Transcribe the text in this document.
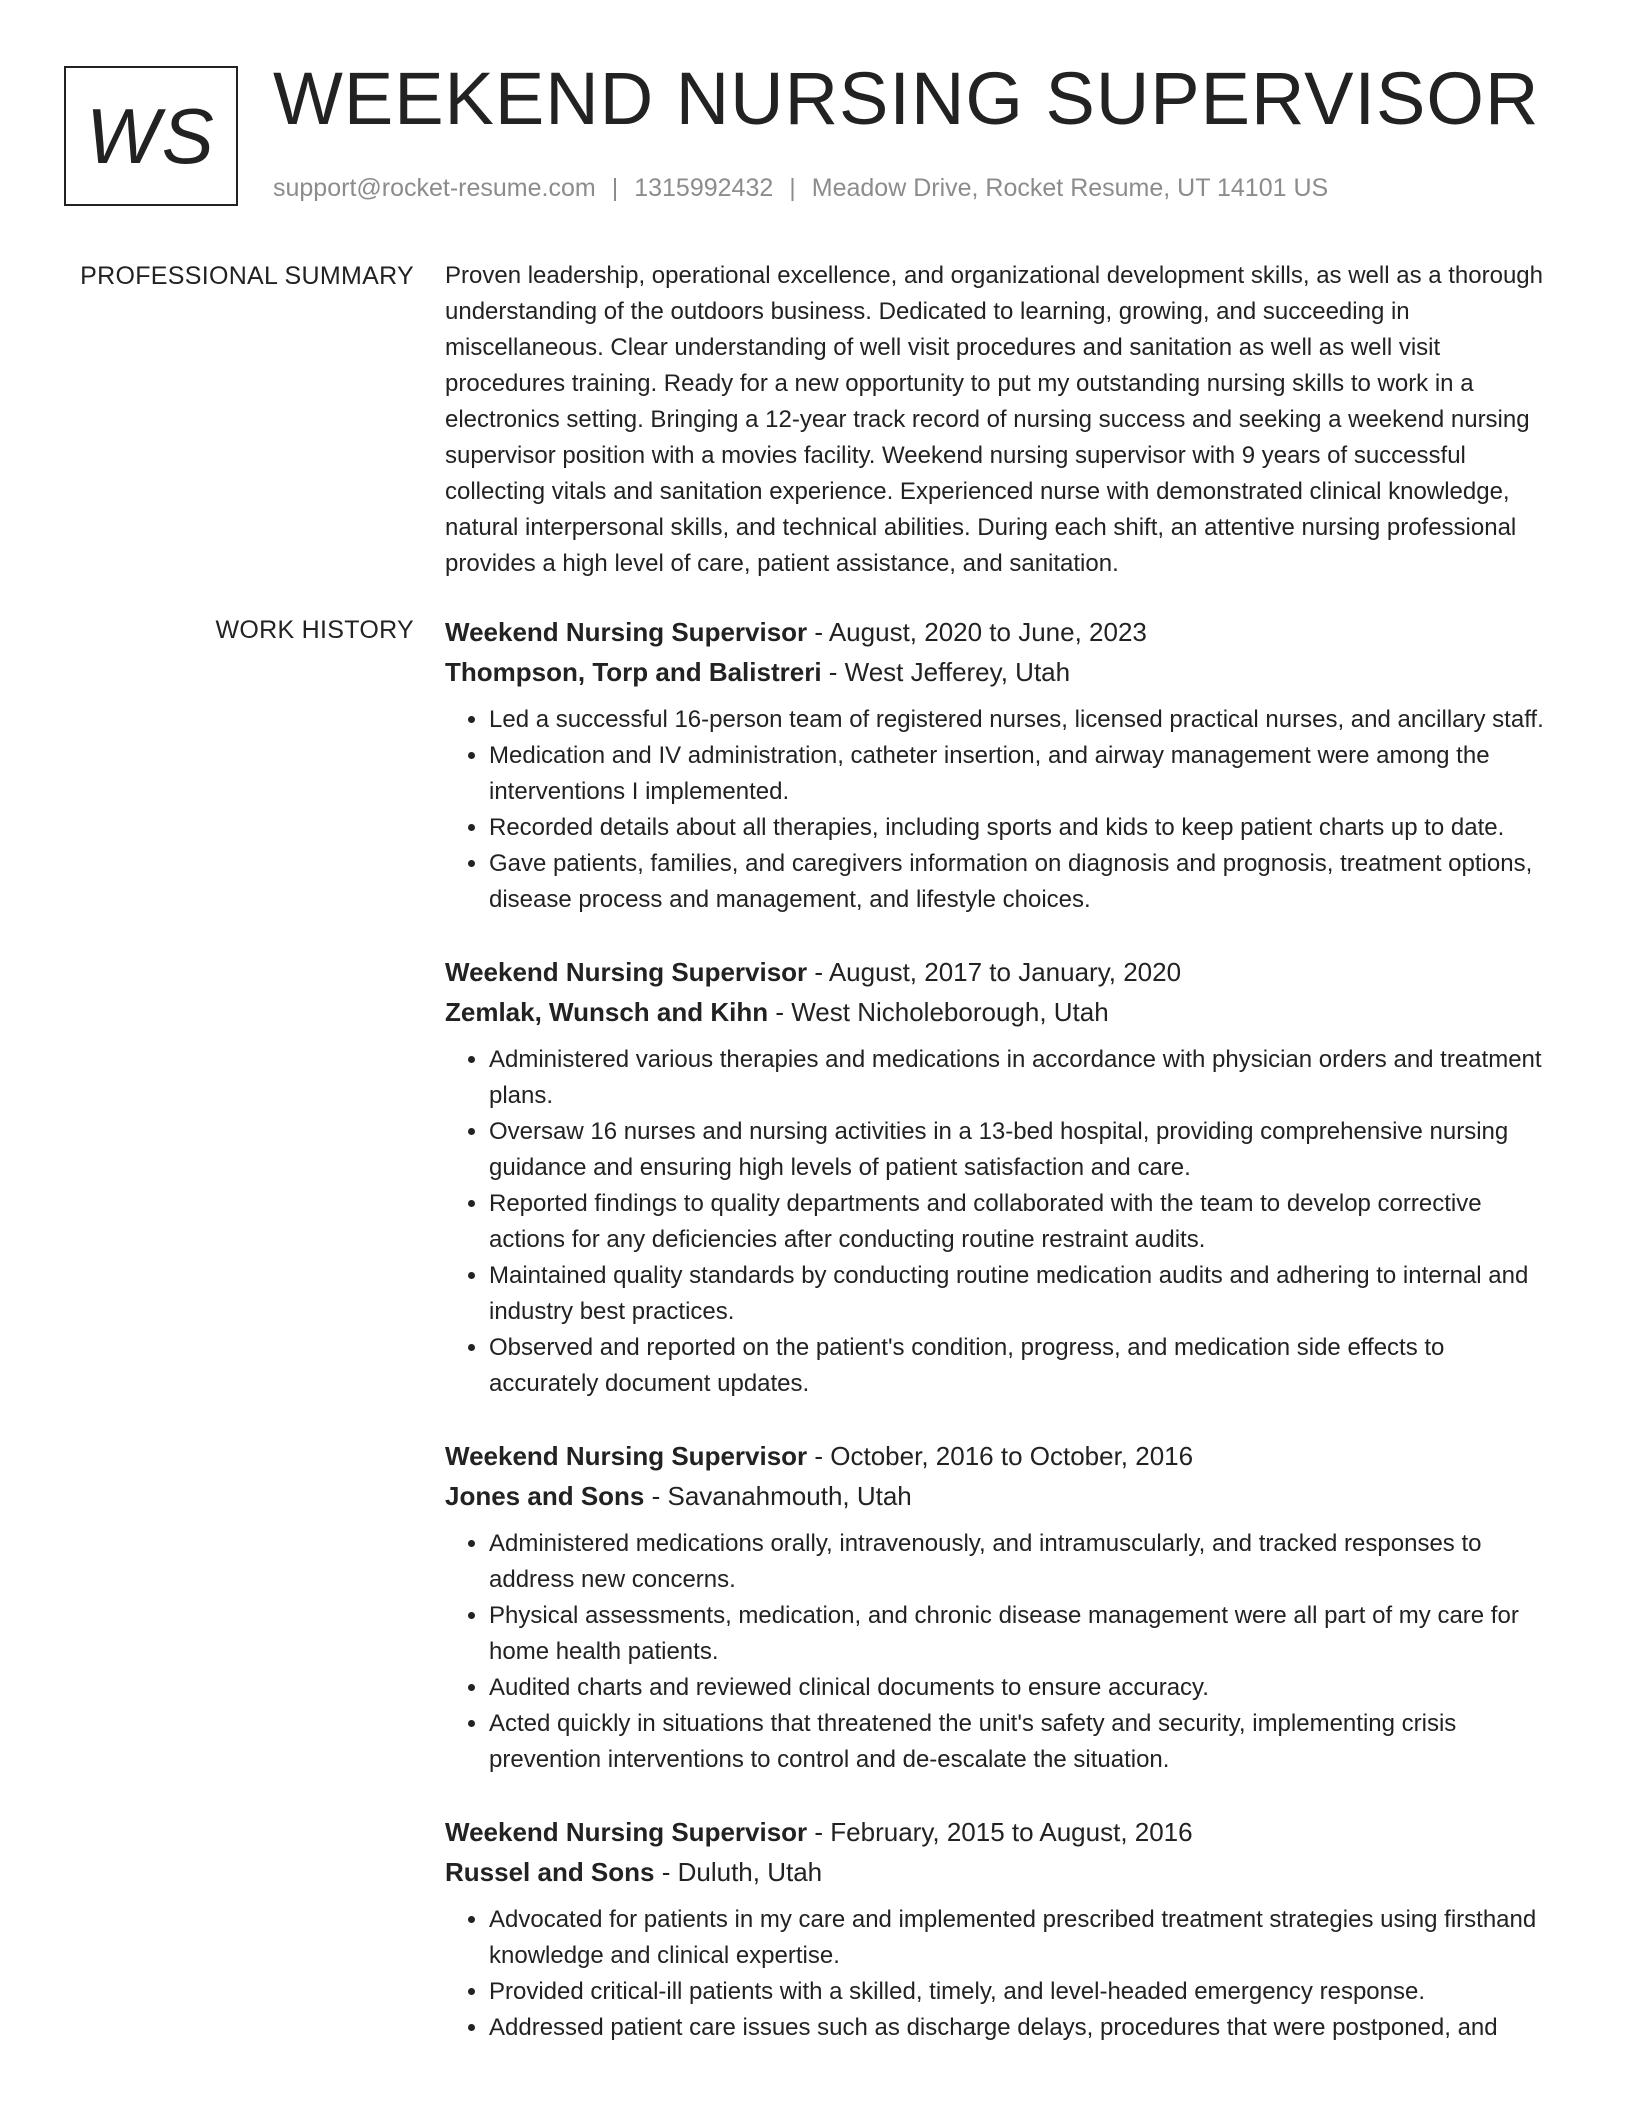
WS WEEKEND NURSING SUPERVISOR
support@rocket-resume.com | 1315992432 | Meadow Drive, Rocket Resume, UT 14101 US
PROFESSIONAL SUMMARY Proven leadership, operational excellence, and organizational development skills, as well as a thorough understanding of the outdoors business. Dedicated to learning, growing, and succeeding in miscellaneous. Clear understanding of well visit procedures and sanitation as well as well visit procedures training. Ready for a new opportunity to put my outstanding nursing skills to work in a electronics setting. Bringing a 12-year track record of nursing success and seeking a weekend nursing supervisor position with a movies facility. Weekend nursing supervisor with 9 years of successful collecting vitals and sanitation experience. Experienced nurse with demonstrated clinical knowledge, natural interpersonal skills, and technical abilities. During each shift, an attentive nursing professional provides a high level of care, patient assistance, and sanitation.
WORK HISTORY Weekend Nursing Supervisor - August, 2020 to June, 2023
Thompson, Torp and Balistreri - West Jefferey, Utah
• Led a successful 16-person team of registered nurses, licensed practical nurses, and ancillary staff.
• Medication and IV administration, catheter insertion, and airway management were among the interventions I implemented.
• Recorded details about all therapies, including sports and kids to keep patient charts up to date.
• Gave patients, families, and caregivers information on diagnosis and prognosis, treatment options, disease process and management, and lifestyle choices.
Weekend Nursing Supervisor - August, 2017 to January, 2020
Zemlak, Wunsch and Kihn - West Nicholeborough, Utah
• Administered various therapies and medications in accordance with physician orders and treatment plans.
• Oversaw 16 nurses and nursing activities in a 13-bed hospital, providing comprehensive nursing guidance and ensuring high levels of patient satisfaction and care.
• Reported findings to quality departments and collaborated with the team to develop corrective actions for any deficiencies after conducting routine restraint audits.
• Maintained quality standards by conducting routine medication audits and adhering to internal and industry best practices.
• Observed and reported on the patient's condition, progress, and medication side effects to accurately document updates.
Weekend Nursing Supervisor - October, 2016 to October, 2016
Jones and Sons - Savanahmouth, Utah
• Administered medications orally, intravenously, and intramuscularly, and tracked responses to address new concerns.
• Physical assessments, medication, and chronic disease management were all part of my care for home health patients.
• Audited charts and reviewed clinical documents to ensure accuracy.
• Acted quickly in situations that threatened the unit's safety and security, implementing crisis prevention interventions to control and de-escalate the situation.
Weekend Nursing Supervisor - February, 2015 to August, 2016
Russel and Sons - Duluth, Utah
• Advocated for patients in my care and implemented prescribed treatment strategies using firsthand knowledge and clinical expertise.
• Provided critical-ill patients with a skilled, timely, and level-headed emergency response.
• Addressed patient care issues such as discharge delays, procedures that were postponed, and
